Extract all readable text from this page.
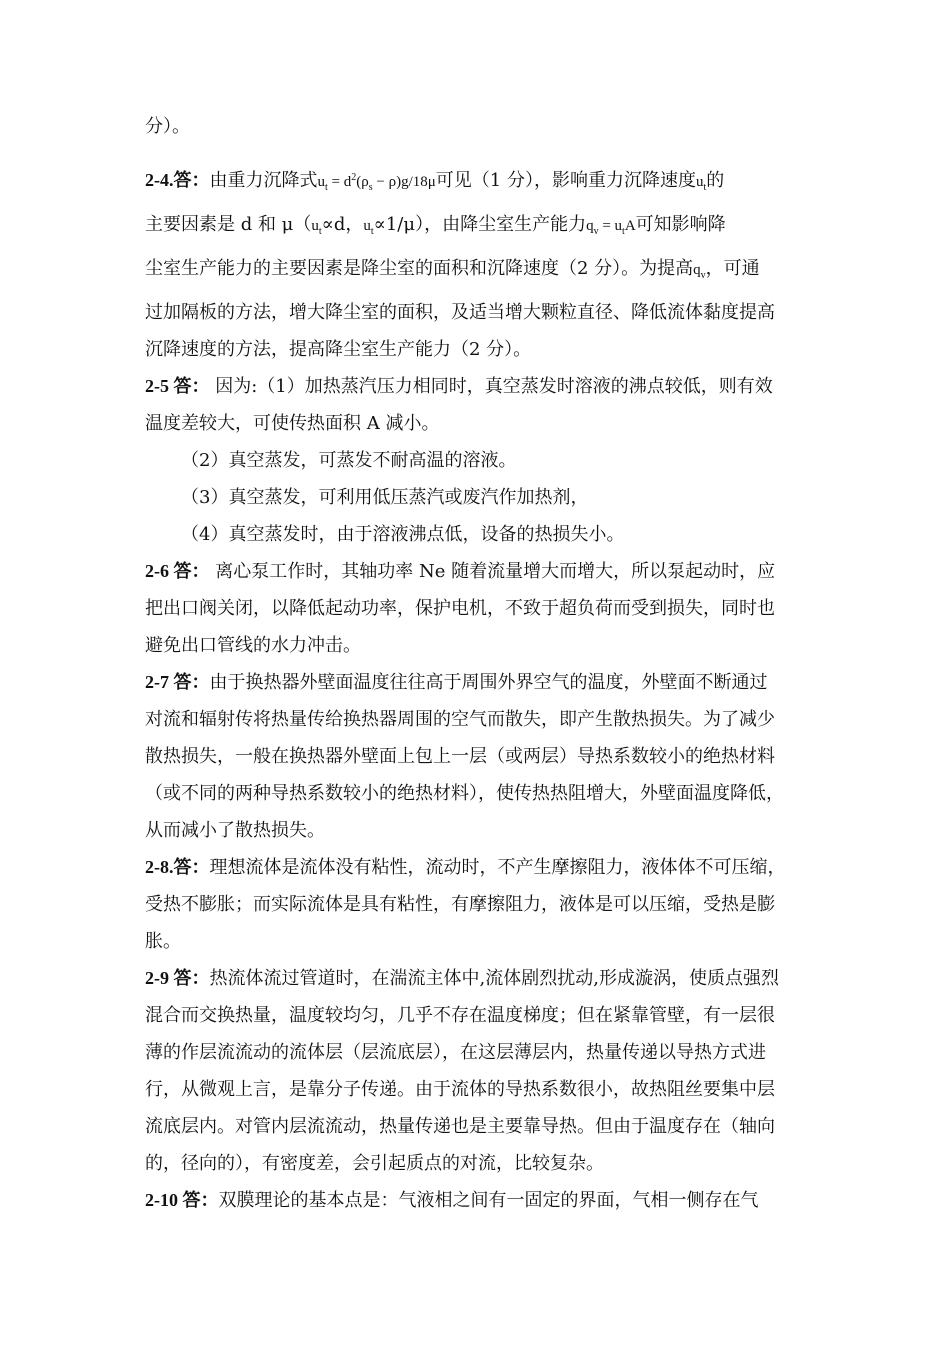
分）。

2-4.答：由重力沉降式$u_t = d^2(\rho_s - \rho)g/18\mu$可见（1 分），影响重力沉降速度$u_t$的

主要因素是 d 和 $\mu(u_t\propto d$，$u_t\propto 1/\mu$），由降尘室生产能力$q_v = u_tA$可知影响降

尘室生产能力的主要因素是降尘室的面积和沉降速度（2 分）。为提高$q_v$，可通

过加隔板的方法，增大降尘室的面积，及适当增大颗粒直径、降低流体黏度提高

沉降速度的方法，提高降尘室生产能力（2 分）。

2-5 答： 因为:（1）加热蒸汽压力相同时，真空蒸发时溶液的沸点较低，则有效

温度差较大，可使传热面积 A 减小。

（2）真空蒸发，可蒸发不耐高温的溶液。

（3）真空蒸发，可利用低压蒸汽或废汽作加热剂，

（4）真空蒸发时，由于溶液沸点低，设备的热损失小。

2-6 答： 离心泵工作时，其轴功率 Ne 随着流量增大而增大，所以泵起动时，应

把出口阀关闭，以降低起动功率，保护电机，不致于超负荷而受到损失，同时也

避免出口管线的水力冲击。

2-7 答：由于换热器外壁面温度往往高于周围外界空气的温度，外壁面不断通过

对流和辐射传将热量传给换热器周围的空气而散失，即产生散热损失。为了减少

散热损失，一般在换热器外壁面上包上一层（或两层）导热系数较小的绝热材料

（或不同的两种导热系数较小的绝热材料），使传热热阻增大，外壁面温度降低，

从而减小了散热损失。

2-8.答：理想流体是流体没有粘性，流动时，不产生摩擦阻力，液体体不可压缩，

受热不膨胀；而实际流体是具有粘性，有摩擦阻力，液体是可以压缩，受热是膨

胀。

2-9 答：热流体流过管道时，在湍流主体中,流体剧烈扰动,形成漩涡，使质点强烈

混合而交换热量，温度较均匀，几乎不存在温度梯度；但在紧靠管壁，有一层很

薄的作层流流动的流体层（层流底层），在这层薄层内，热量传递以导热方式进

行，从微观上言，是靠分子传递。由于流体的导热系数很小，故热阻丝要集中层

流底层内。对管内层流流动，热量传递也是主要靠导热。但由于温度存在（轴向

的，径向的），有密度差，会引起质点的对流，比较复杂。

2-10 答：双膜理论的基本点是：气液相之间有一固定的界面，气相一侧存在气
